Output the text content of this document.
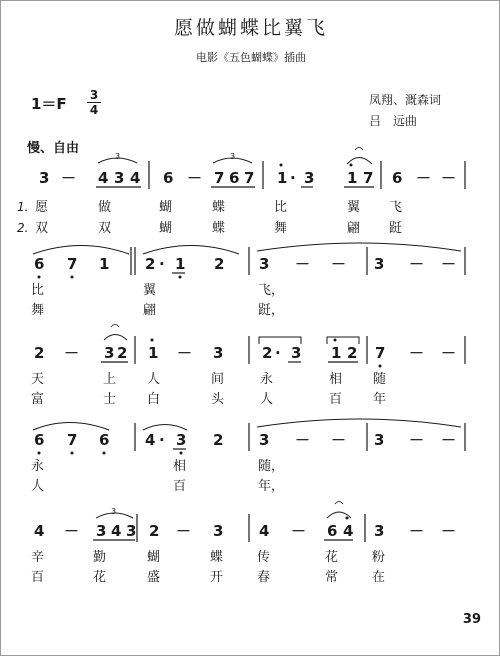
愿做蝴蝶比翼飞
电影《五色蝴蝶》插曲
1＝F 3
4
凤翔、溉森词
吕　远曲
慢、自由
3 － 4 3 4 6 － 7 6 7 1 · 3 1 7 6 － －
3	3
1.
2.
愿	做	蝴	蝶	比	翼 飞
双	双	蝴	蝶	舞	翩 跹
6 7 1 2 · 1 2 3 － － 3 － －
比	翼	飞，
舞	翩	跹，
2 － 3 2 1 － 3	2 · 3 1 2 7 － －
天	上 人	间	永	相 随
富	士 白	头	人	百 年
6 7 6 4 · 3 2 3 － － 3 － －
永	相	随，
人	百	年，
4 － 3 4 3 2 － 3 4 － 6 4 3 － －
3
辛	勤	蝴	蝶	传	花	粉
百	花	盛	开	春	常	在
39
